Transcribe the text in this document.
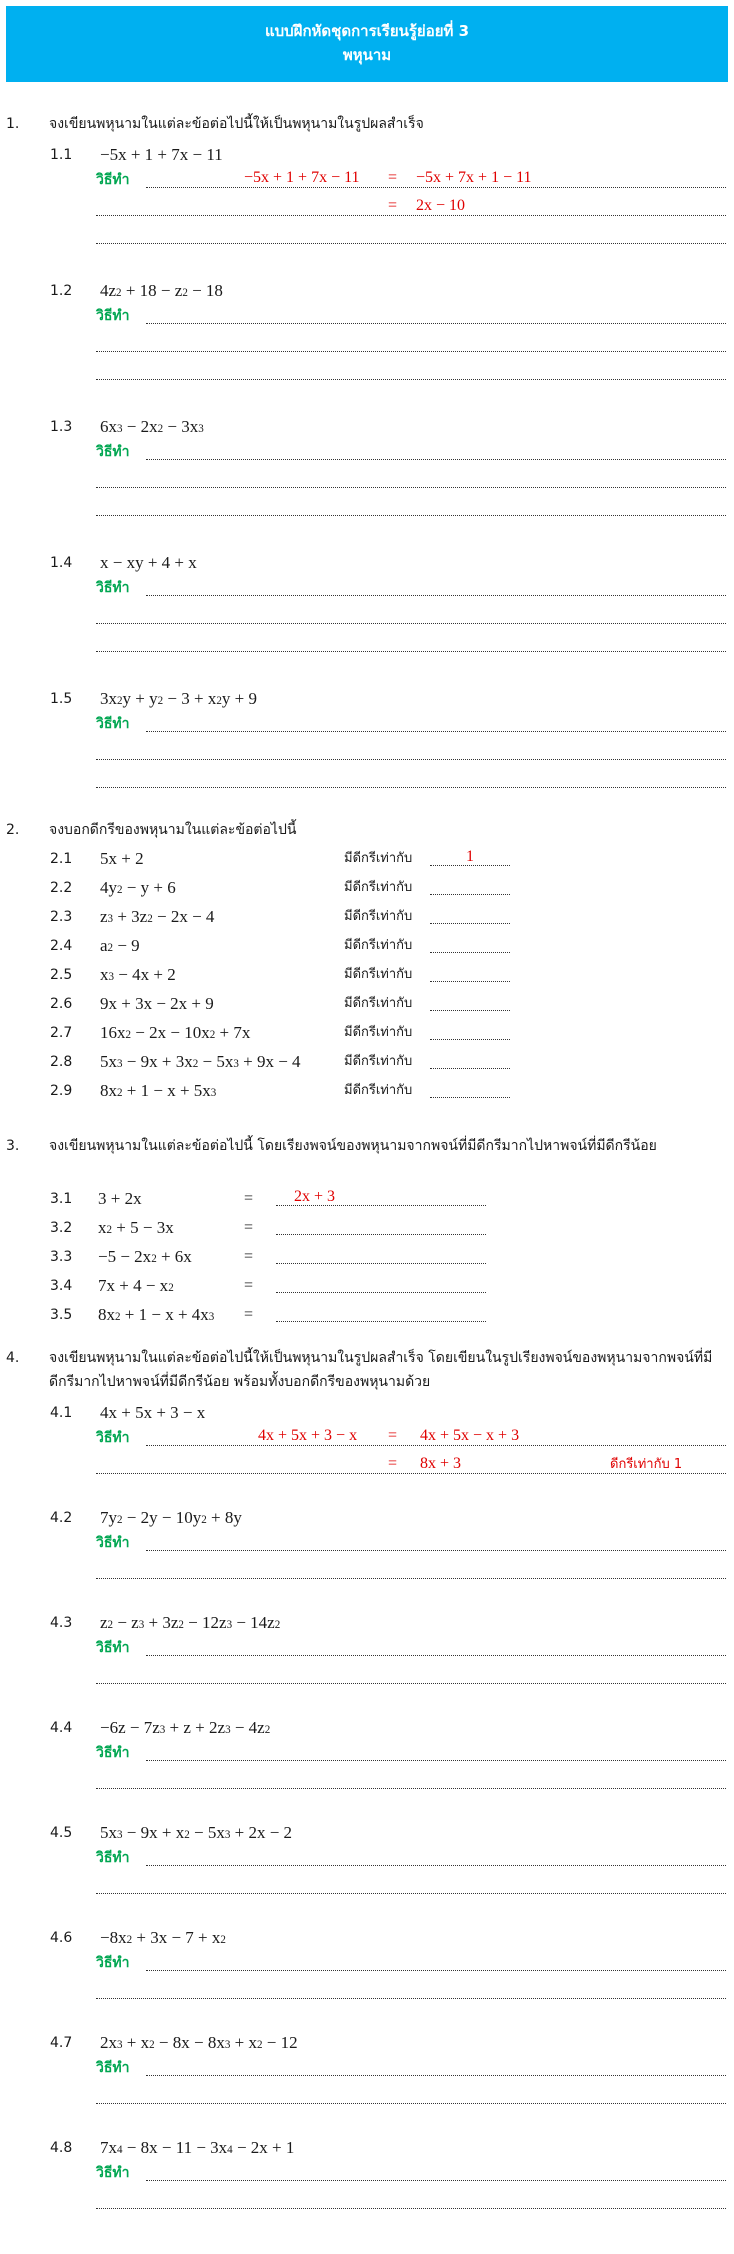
แบบฝึกหัดชุดการเรียนรู้ย่อยที่ 3
พหุนาม
1. จงเขียนพหุนามในแต่ละข้อต่อไปนี้ให้เป็นพหุนามในรูปผลสำเร็จ
1.1 −5x + 1 + 7x − 11
วิธีทำ
1.2 $4z^2 + 18 - z^2 - 18$
วิธีทำ
1.3 $6x^3 - 2x^2 - 3x^3$
วิธีทำ
1.4 x − xy + 4 + x
วิธีทำ
1.5 $3x^2y + y^2 - 3 + x^2y + 9$
วิธีทำ
−5x + 1 + 7x − 11 = −5x + 7x + 1 − 11
= 2x − 10
2. จงบอกดีกรีของพหุนามในแต่ละข้อต่อไปนี้
2.1 5x + 2	มีดีกรีเท่ากับ	1
2.2 $4y^2 - y + 6$	มีดีกรีเท่ากับ
2.3 $z^3 + 3z^2 - 2x - 4$	มีดีกรีเท่ากับ
2.4 $a^2 - 9$	มีดีกรีเท่ากับ
2.5 $x^3 - 4x + 2$	มีดีกรีเท่ากับ
2.6 9x + 3x − 2x + 9	มีดีกรีเท่ากับ
2.7 $16x^2 - 2x - 10x^2 + 7x$	มีดีกรีเท่ากับ
2.8 $5x^3 - 9x + 3x^2 - 5x^3 + 9x - 4$	มีดีกรีเท่ากับ
2.9 $8x^2 + 1 - x + 5x^3$	มีดีกรีเท่ากับ
3. จงเขียนพหุนามในแต่ละข้อต่อไปนี้ โดยเรียงพจน์ของพหุนามจากพจน์ที่มีดีกรีมากไปหาพจน์ที่มีดีกรีน้อย
3.1 3 + 2x	=	2x + 3
3.2 $x^2 + 5 - 3x$	=
$3.3 -5 - 2x^2 + 6x$	=
3.4 $7x + 4 - x^2$	=
3.5 $8x^2 + 1 - x + 4x^3$ =
4. จงเขียนพหุนามในแต่ละข้อต่อไปนี้ให้เป็นพหุนามในรูปผลสำเร็จ โดยเขียนในรูปเรียงพจน์ของพหุนามจากพจน์ที่มีดีกรีมากไปหาพจน์ที่มีดีกรีน้อย พร้อมทั้งบอกดีกรีของพหุนามด้วย
4.1 4x + 5x + 3 − x
วิธีทำ
4.2 $7y^2 - 2y - 10y^2 + 8y$
วิธีทำ
4.3 $z^2 - z^3 + 3z^2 - 12z^3 - 14z^2$
วิธีทำ
$4.4 -6z - 7z^3 + z + 2z^3 - 4z^2$
วิธีทำ
4.5 $5x^3 - 9x + x^2 - 5x^3 + 2x - 2$
วิธีทำ
$4.6 -8x^2 + 3x - 7 + x^2$
วิธีทำ
4.7 $2x^3 + x^2 - 8x - 8x^3 + x^2 - 12$
วิธีทำ
4.8 $7x^4 - 8x - 11 - 3x^4 - 2x + 1$
วิธีทำ
4x + 5x + 3 − x = 4x + 5x − x + 3
= 8x + 3	ดีกรีเท่ากับ 1
